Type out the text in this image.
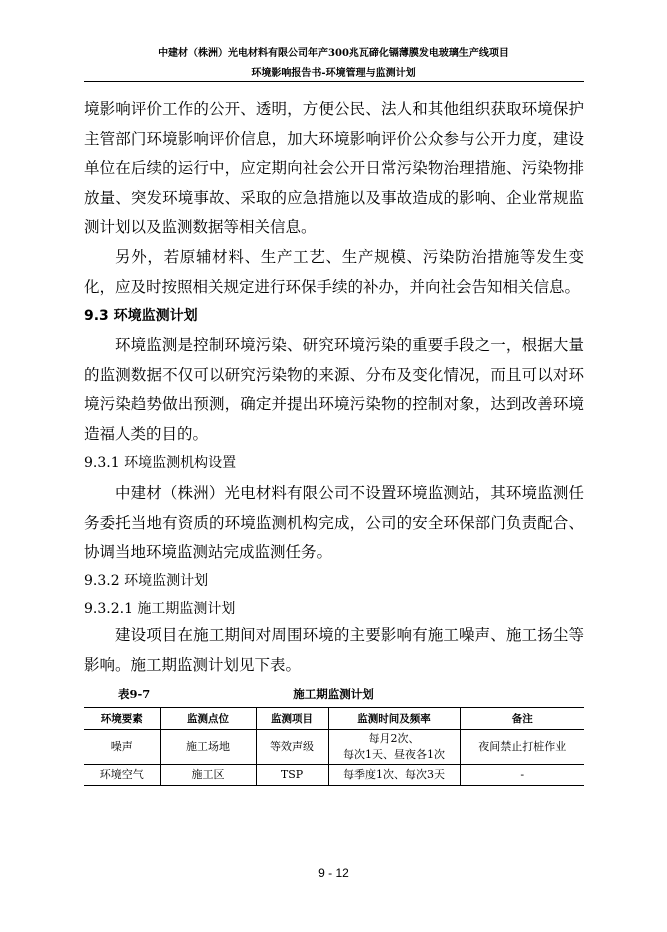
中建材（株洲）光电材料有限公司年产300兆瓦碲化镉薄膜发电玻璃生产线项目
环境影响报告书-环境管理与监测计划

境影响评价工作的公开、透明，方便公民、法人和其他组织获取环境保护主管部门环境影响评价信息，加大环境影响评价公众参与公开力度，建设单位在后续的运行中，应定期向社会公开日常污染物治理措施、污染物排放量、突发环境事故、采取的应急措施以及事故造成的影响、企业常规监测计划以及监测数据等相关信息。

另外，若原辅材料、生产工艺、生产规模、污染防治措施等发生变化，应及时按照相关规定进行环保手续的补办，并向社会告知相关信息。

9.3 环境监测计划

环境监测是控制环境污染、研究环境污染的重要手段之一，根据大量的监测数据不仅可以研究污染物的来源、分布及变化情况，而且可以对环境污染趋势做出预测，确定并提出环境污染物的控制对象，达到改善环境造福人类的目的。

9.3.1 环境监测机构设置

中建材（株洲）光电材料有限公司不设置环境监测站，其环境监测任务委托当地有资质的环境监测机构完成，公司的安全环保部门负责配合、协调当地环境监测站完成监测任务。

9.3.2 环境监测计划
9.3.2.1 施工期监测计划

建设项目在施工期间对周围环境的主要影响有施工噪声、施工扬尘等影响。施工期监测计划见下表。

施工期监测计划
表9-7
环境要素	监测点位	监测项目	监测时间及频率	备注
噪声	施工场地	等效声级	每月2次、
每次1天、昼夜各1次	夜间禁止打桩作业
环境空气	施工区	TSP	每季度1次、每次3天	-
9 - 12
